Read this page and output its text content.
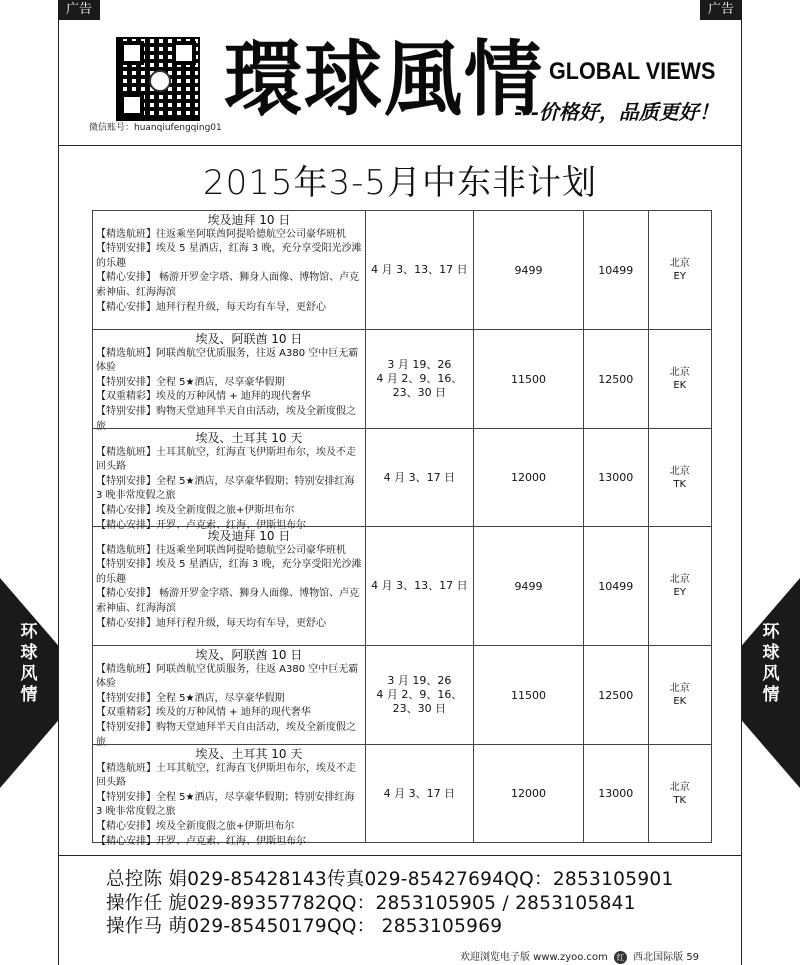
广告	广告
微信账号：huanqiufengqing01
環球風情 GLOBAL VIEWS
---价格好，品质更好！
2015年3-5月中东非计划
埃及迪拜 10 日
【精选航班】往返乘坐阿联酋阿提哈德航空公司豪华班机
【特别安排】埃及 5 星酒店，红海 3 晚，充分享受阳光沙滩的乐趣
【精心安排】 畅游开罗金字塔、狮身人面像、博物馆、卢克索神庙、红海海滨
【精心安排】迪拜行程升级，每天均有车导，更舒心
4 月 3、13、17 日	9499	10499	北京
EY
埃及、阿联酋 10 日
【精选航班】阿联酋航空优质服务，往返 A380 空中巨无霸体验
【特别安排】全程 5★酒店，尽享豪华假期
【双重精彩】埃及的万种风情 + 迪拜的现代奢华
【特别安排】购物天堂迪拜半天自由活动，埃及全新度假之旅
3 月 19、26
4 月 2、9、16、
23、30 日
11500	12500	北京
EK
埃及、土耳其 10 天
【精选航班】土耳其航空，红海直飞伊斯坦布尔，埃及不走回头路
【特别安排】全程 5★酒店，尽享豪华假期；特别安排红海 3 晚非常度假之旅
【精心安排】埃及全新度假之旅+伊斯坦布尔
【精心安排】开罗、卢克索、红海、伊斯坦布尔
4 月 3、17 日	12000	13000	北京
TK
埃及迪拜 10 日
【精选航班】往返乘坐阿联酋阿提哈德航空公司豪华班机
【特别安排】埃及 5 星酒店，红海 3 晚，充分享受阳光沙滩的乐趣
【精心安排】 畅游开罗金字塔、狮身人面像、博物馆、卢克索神庙、红海海滨
【精心安排】迪拜行程升级，每天均有车导，更舒心
4 月 3、13、17 日	9499	10499	北京
EY
埃及、阿联酋 10 日
【精选航班】阿联酋航空优质服务，往返 A380 空中巨无霸体验
【特别安排】全程 5★酒店，尽享豪华假期
【双重精彩】埃及的万种风情 + 迪拜的现代奢华
【特别安排】购物天堂迪拜半天自由活动，埃及全新度假之旅
3 月 19、26
4 月 2、9、16、
23、30 日
11500	12500	北京
EK
埃及、土耳其 10 天
【精选航班】土耳其航空，红海直飞伊斯坦布尔，埃及不走回头路
【特别安排】全程 5★酒店，尽享豪华假期；特别安排红海 3 晚非常度假之旅
【精心安排】埃及全新度假之旅+伊斯坦布尔
【精心安排】开罗、卢克索、红海、伊斯坦布尔
4 月 3、17 日	12000	13000	北京
TK
环
球
风
情
环
球
风
情
总控陈 娟029-85428143传真029-85427694QQ：2853105901
操作任 旎029-89357782QQ：2853105905 / 2853105841
操作马 萌029-85450179QQ： 2853105969
欢迎浏览电子版 www.zyoo.com 红 西北国际版 59
